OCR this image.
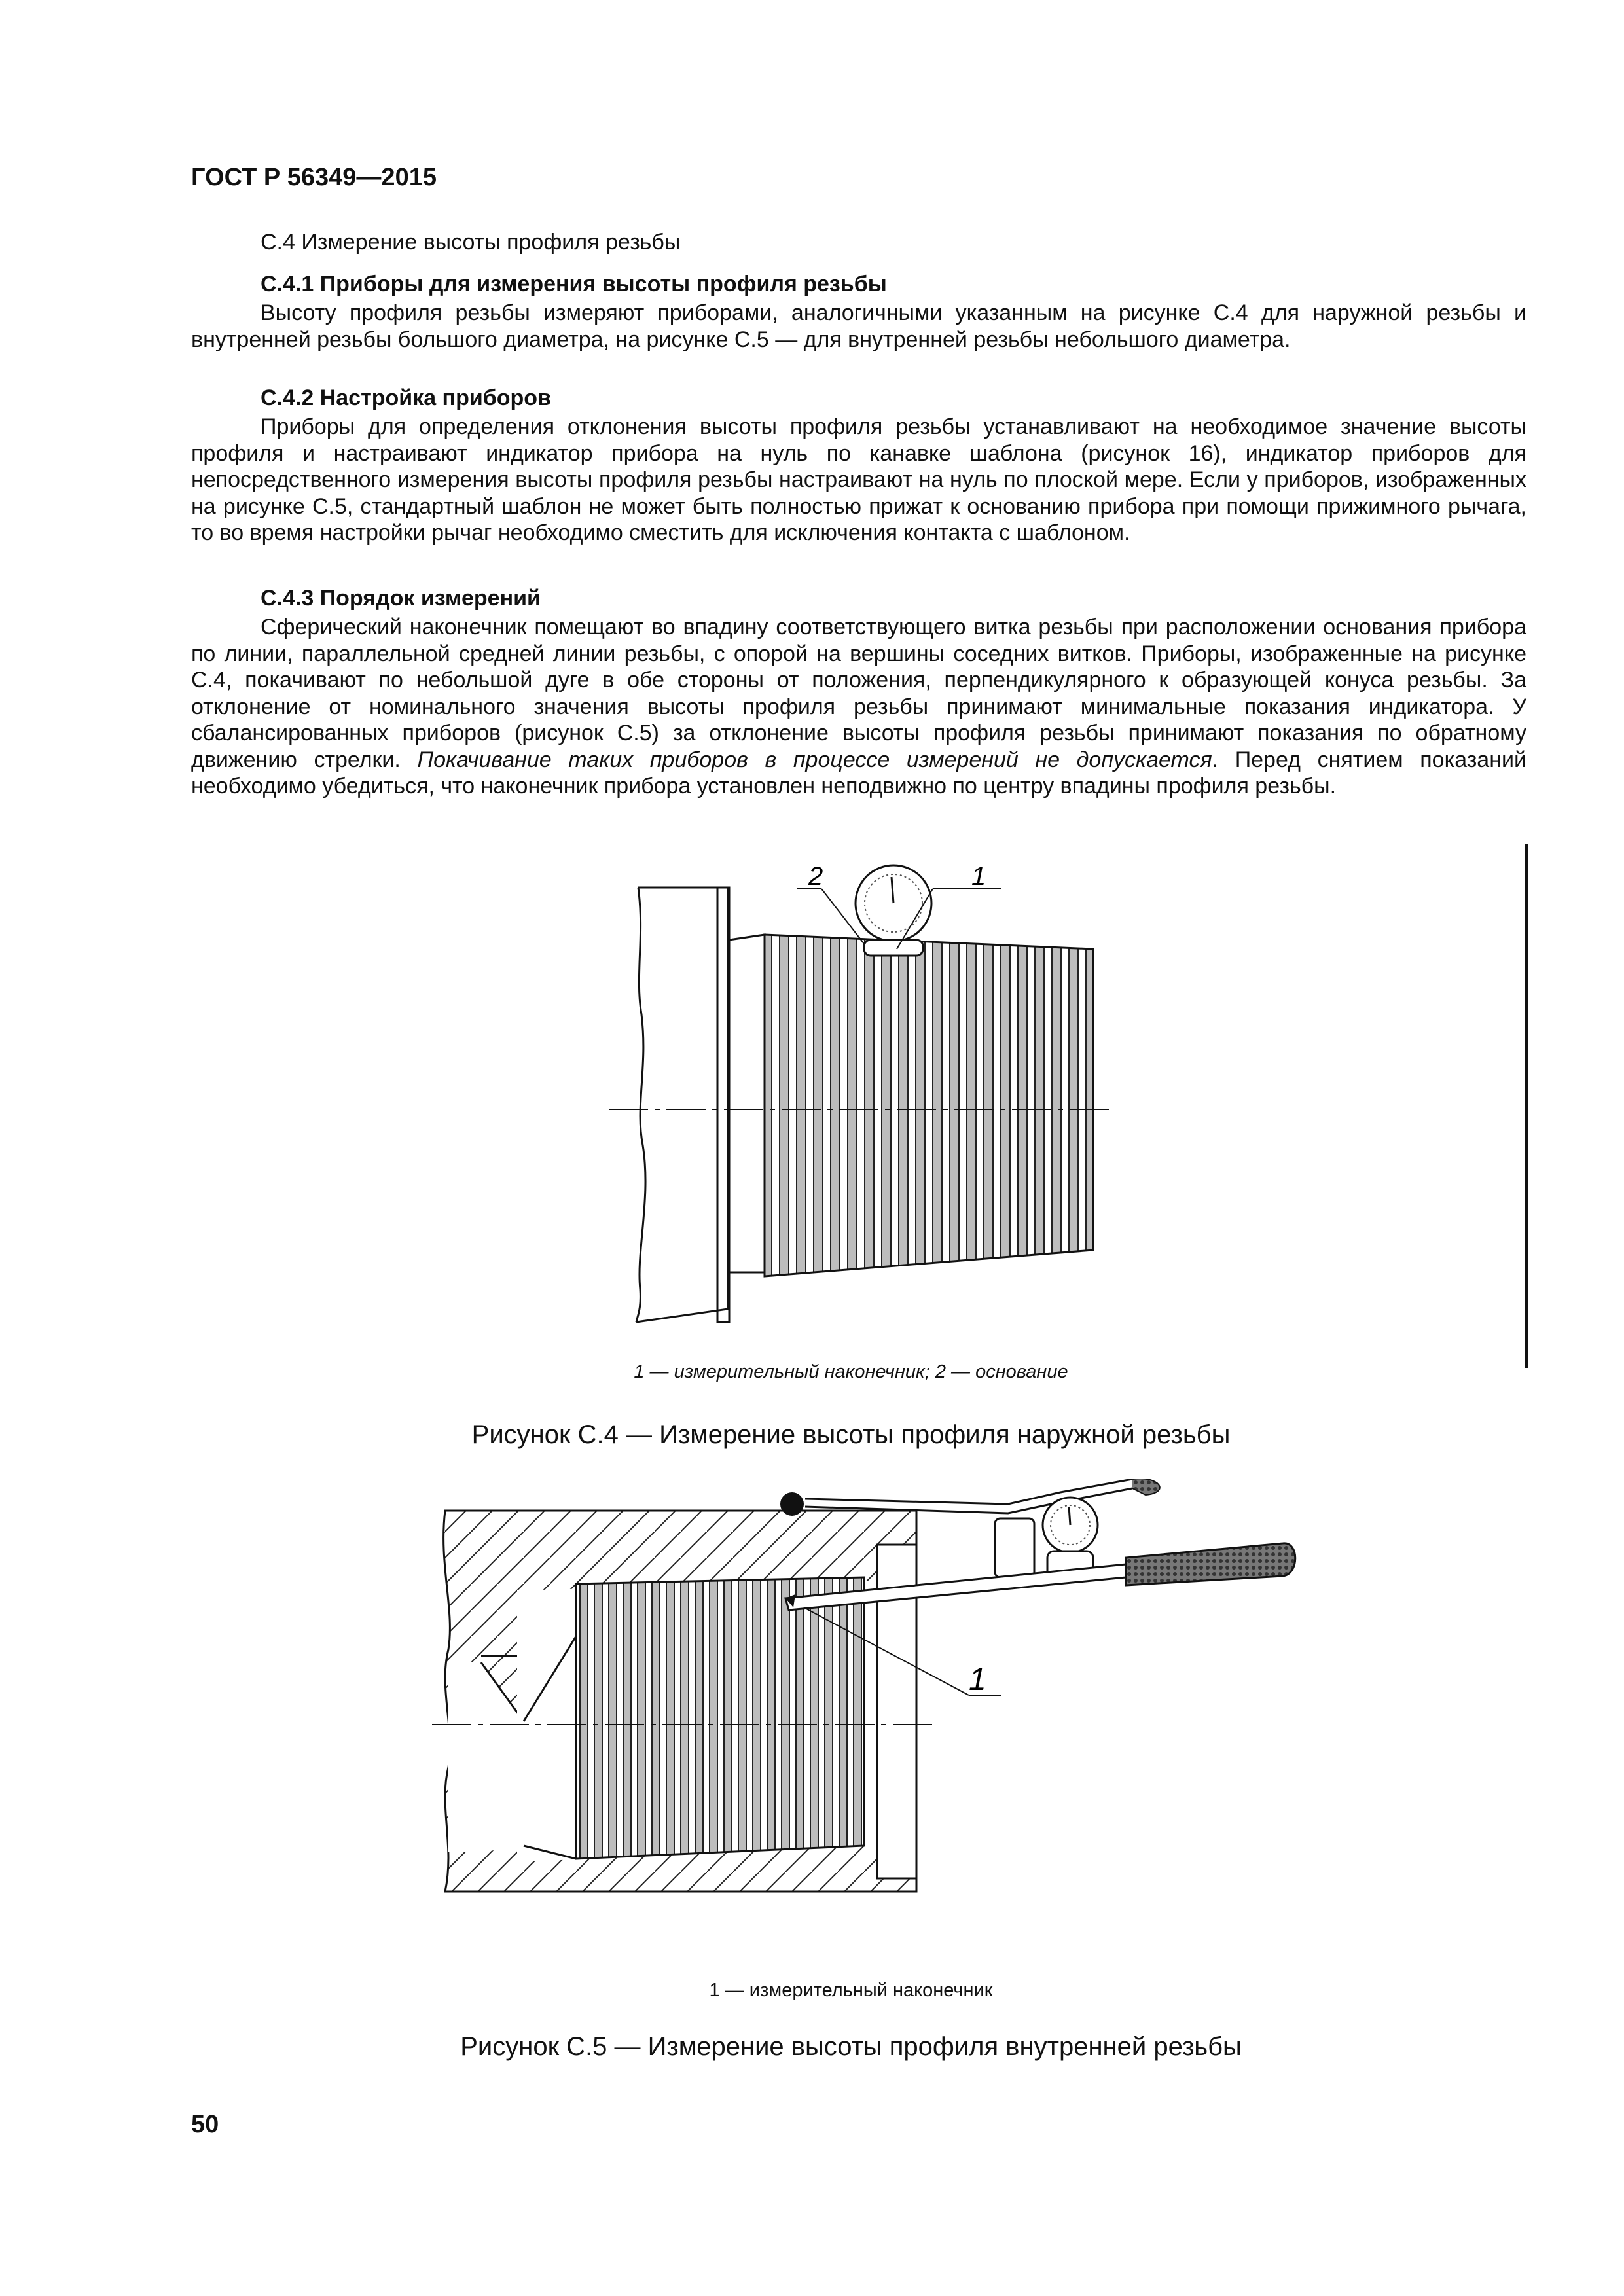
ГОСТ Р 56349—2015
С.4 Измерение высоты профиля резьбы
С.4.1 Приборы для измерения высоты профиля резьбы
Высоту профиля резьбы измеряют приборами, аналогичными указанным на рисунке С.4 для наружной резьбы и внутренней резьбы большого диаметра, на рисунке С.5 — для внутренней резьбы небольшого диаметра.
С.4.2 Настройка приборов
Приборы для определения отклонения высоты профиля резьбы устанавливают на необходимое значение высоты профиля и настраивают индикатор прибора на нуль по канавке шаблона (рисунок 16), индикатор приборов для непосредственного измерения высоты профиля резьбы настраивают на нуль по плоской мере. Если у приборов, изображенных на рисунке С.5, стандартный шаблон не может быть полностью прижат к основанию прибора при помощи прижимного рычага, то во время настройки рычаг необходимо сместить для исключения контакта с шаблоном.
С.4.3 Порядок измерений
Сферический наконечник помещают во впадину соответствующего витка резьбы при расположении основания прибора по линии, параллельной средней линии резьбы, с опорой на вершины соседних витков. Приборы, изображенные на рисунке С.4, покачивают по небольшой дуге в обе стороны от положения, перпендикулярного к образующей конуса резьбы. За отклонение от номинального значения высоты профиля резьбы принимают минимальные показания индикатора. У сбалансированных приборов (рисунок С.5) за отклонение высоты профиля резьбы принимают показания по обратному движению стрелки. Покачивание таких приборов в процессе измерений не допускается. Перед снятием показаний необходимо убедиться, что наконечник прибора установлен неподвижно по центру впадины профиля резьбы.
2	1
1 — измерительный наконечник; 2 — основание
Рисунок С.4 — Измерение высоты профиля наружной резьбы
1
1 — измерительный наконечник
Рисунок С.5 — Измерение высоты профиля внутренней резьбы
50
